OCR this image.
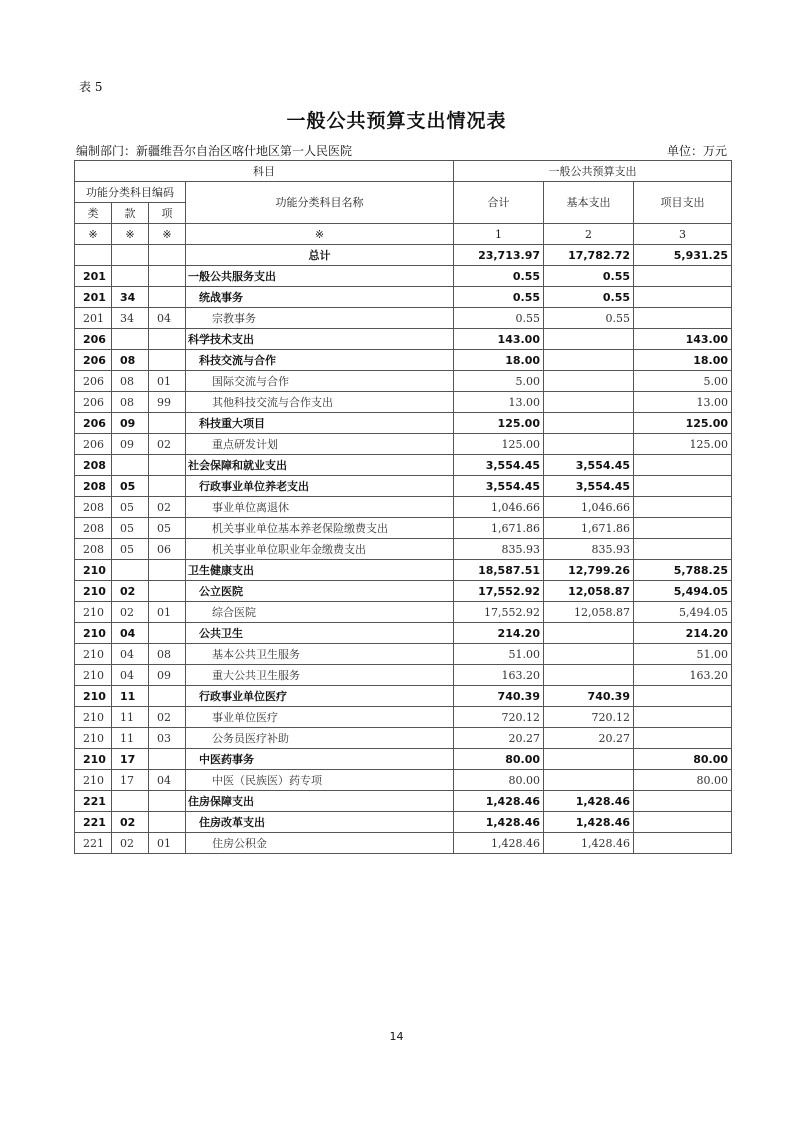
表 5
一般公共预算支出情况表
编制部门：新疆维吾尔自治区喀什地区第一人民医院	单位：万元
科目				一般公共预算支出		
功能分类科目编码			功能分类科目名称	合计	基本支出	项目支出
类	款	项				
※	※	※	※	1	2	3
			总计	23,713.97	17,782.72	5,931.25
201			一般公共服务支出	0.55	0.55	
201	34		统战事务	0.55	0.55	
201	34	04	宗教事务	0.55	0.55	
206			科学技术支出	143.00		143.00
206	08		科技交流与合作	18.00		18.00
206	08	01	国际交流与合作	5.00		5.00
206	08	99	其他科技交流与合作支出	13.00		13.00
206	09		科技重大项目	125.00		125.00
206	09	02	重点研发计划	125.00		125.00
208			社会保障和就业支出	3,554.45	3,554.45	
208	05		行政事业单位养老支出	3,554.45	3,554.45	
208	05	02	事业单位离退休	1,046.66	1,046.66	
208	05	05	机关事业单位基本养老保险缴费支出	1,671.86	1,671.86	
208	05	06	机关事业单位职业年金缴费支出	835.93	835.93	
210			卫生健康支出	18,587.51	12,799.26	5,788.25
210	02		公立医院	17,552.92	12,058.87	5,494.05
210	02	01	综合医院	17,552.92	12,058.87	5,494.05
210	04		公共卫生	214.20		214.20
210	04	08	基本公共卫生服务	51.00		51.00
210	04	09	重大公共卫生服务	163.20		163.20
210	11		行政事业单位医疗	740.39	740.39	
210	11	02	事业单位医疗	720.12	720.12	
210	11	03	公务员医疗补助	20.27	20.27	
210	17		中医药事务	80.00		80.00
210	17	04	中医（民族医）药专项	80.00		80.00
221			住房保障支出	1,428.46	1,428.46	
221	02		住房改革支出	1,428.46	1,428.46	
221	02	01	住房公积金	1,428.46	1,428.46	
14
